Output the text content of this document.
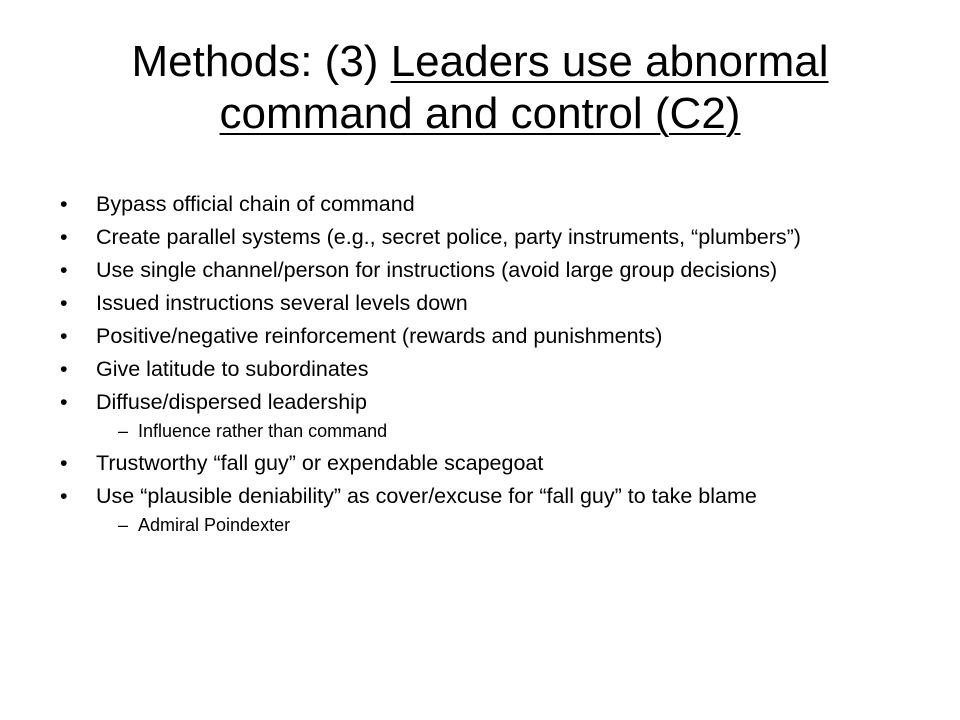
Methods: (3) Leaders use abnormal command and control (C2)
•	Bypass official chain of command
•	Create parallel systems (e.g., secret police, party instruments, “plumbers”)
•	Use single channel/person for instructions (avoid large group decisions)
•	Issued instructions several levels down
•	Positive/negative reinforcement (rewards and punishments)
•	Give latitude to subordinates
•	Diffuse/dispersed leadership
– Influence rather than command
•	Trustworthy “fall guy” or expendable scapegoat
•	Use “plausible deniability” as cover/excuse for “fall guy” to take blame
– Admiral Poindexter
